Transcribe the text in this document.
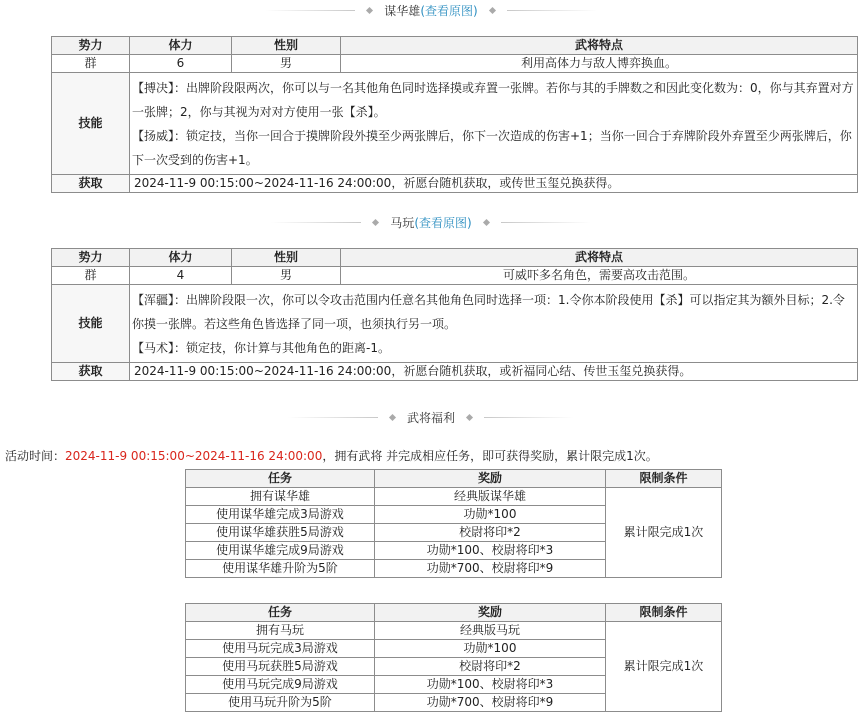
谋华雄 (查看原图)
势力	体力	性别	武将特点
群	6	男	利用高体力与敌人博弈换血。
技能	【搏决】：出牌阶段限两次，你可以与一名其他角色同时选择摸或弃置一张牌。若你与其的手牌数之和因此变化数为：0，你与其弃置对方一张牌；2，你与其视为对对方使用一张【杀】。

【扬威】：锁定技，当你一回合于摸牌阶段外摸至少两张牌后，你下一次造成的伤害+1；当你一回合于弃牌阶段外弃置至少两张牌后，你下一次受到的伤害+1。		

获取	2024-11-9 00:15:00~2024-11-16 24:00:00，祈愿台随机获取，或传世玉玺兑换获得。		
马玩 (查看原图)
势力	体力	性别	武将特点
群	4	男	可威吓多名角色，需要高攻击范围。
技能	【浑疆】：出牌阶段限一次，你可以令攻击范围内任意名其他角色同时选择一项：1.令你本阶段使用【杀】可以指定其为额外目标；2.令你摸一张牌。若这些角色皆选择了同一项，也须执行另一项。

【马术】：锁定技，你计算与其他角色的距离-1。		

获取	2024-11-9 00:15:00~2024-11-16 24:00:00，祈愿台随机获取，或祈福同心结、传世玉玺兑换获得。		
武将福利
活动时间：2024-11-9 00:15:00~2024-11-16 24:00:00，拥有武将 并完成相应任务，即可获得奖励，累计限完成1次。
任务	奖励	限制条件
拥有谋华雄	经典版谋华雄	累计限完成1次
使用谋华雄完成3局游戏	功勋*100	
使用谋华雄获胜5局游戏	校尉将印*2	
使用谋华雄完成9局游戏	功勋*100、校尉将印*3	
使用谋华雄升阶为5阶	功勋*700、校尉将印*9	
任务	奖励	限制条件
拥有马玩	经典版马玩	累计限完成1次
使用马玩完成3局游戏	功勋*100	
使用马玩获胜5局游戏	校尉将印*2	
使用马玩完成9局游戏	功勋*100、校尉将印*3	
使用马玩升阶为5阶	功勋*700、校尉将印*9	
